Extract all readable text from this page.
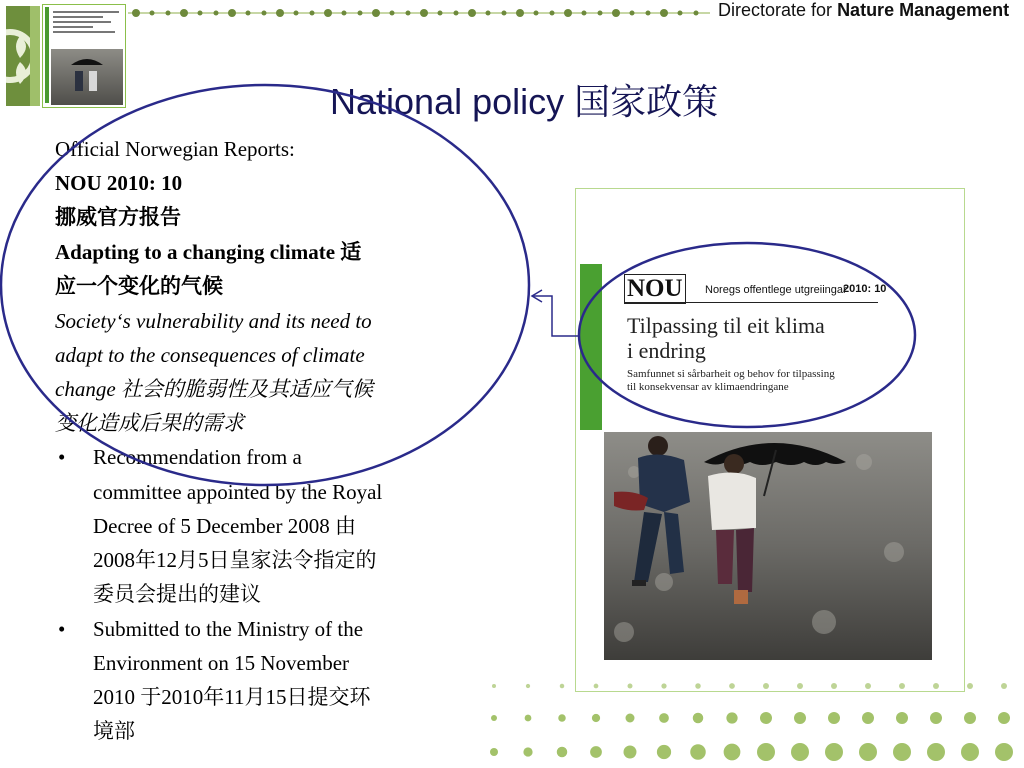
Directorate for Nature Management
National policy 国家政策
Official Norwegian Reports:
NOU 2010: 10
挪威官方报告
Adapting to a changing climate 适
应一个变化的气候
Society‘s vulnerability and its need to
adapt to the consequences of climate
change 社会的脆弱性及其适应气候
变化造成后果的需求
• Recommendation from a
committee appointed by the Royal
Decree of 5 December 2008 由
2008年12月5日皇家法令指定的
委员会提出的建议
• Submitted to the Ministry of the
Environment on 15 November
2010 于2010年11月15日提交环
境部
NOU Noregs offentlege utgreiingar
2010: 10
Tilpassing til eit klima
i endring
Samfunnet si sårbarheit og behov for tilpassing
til konsekvensar av klimaendringane
